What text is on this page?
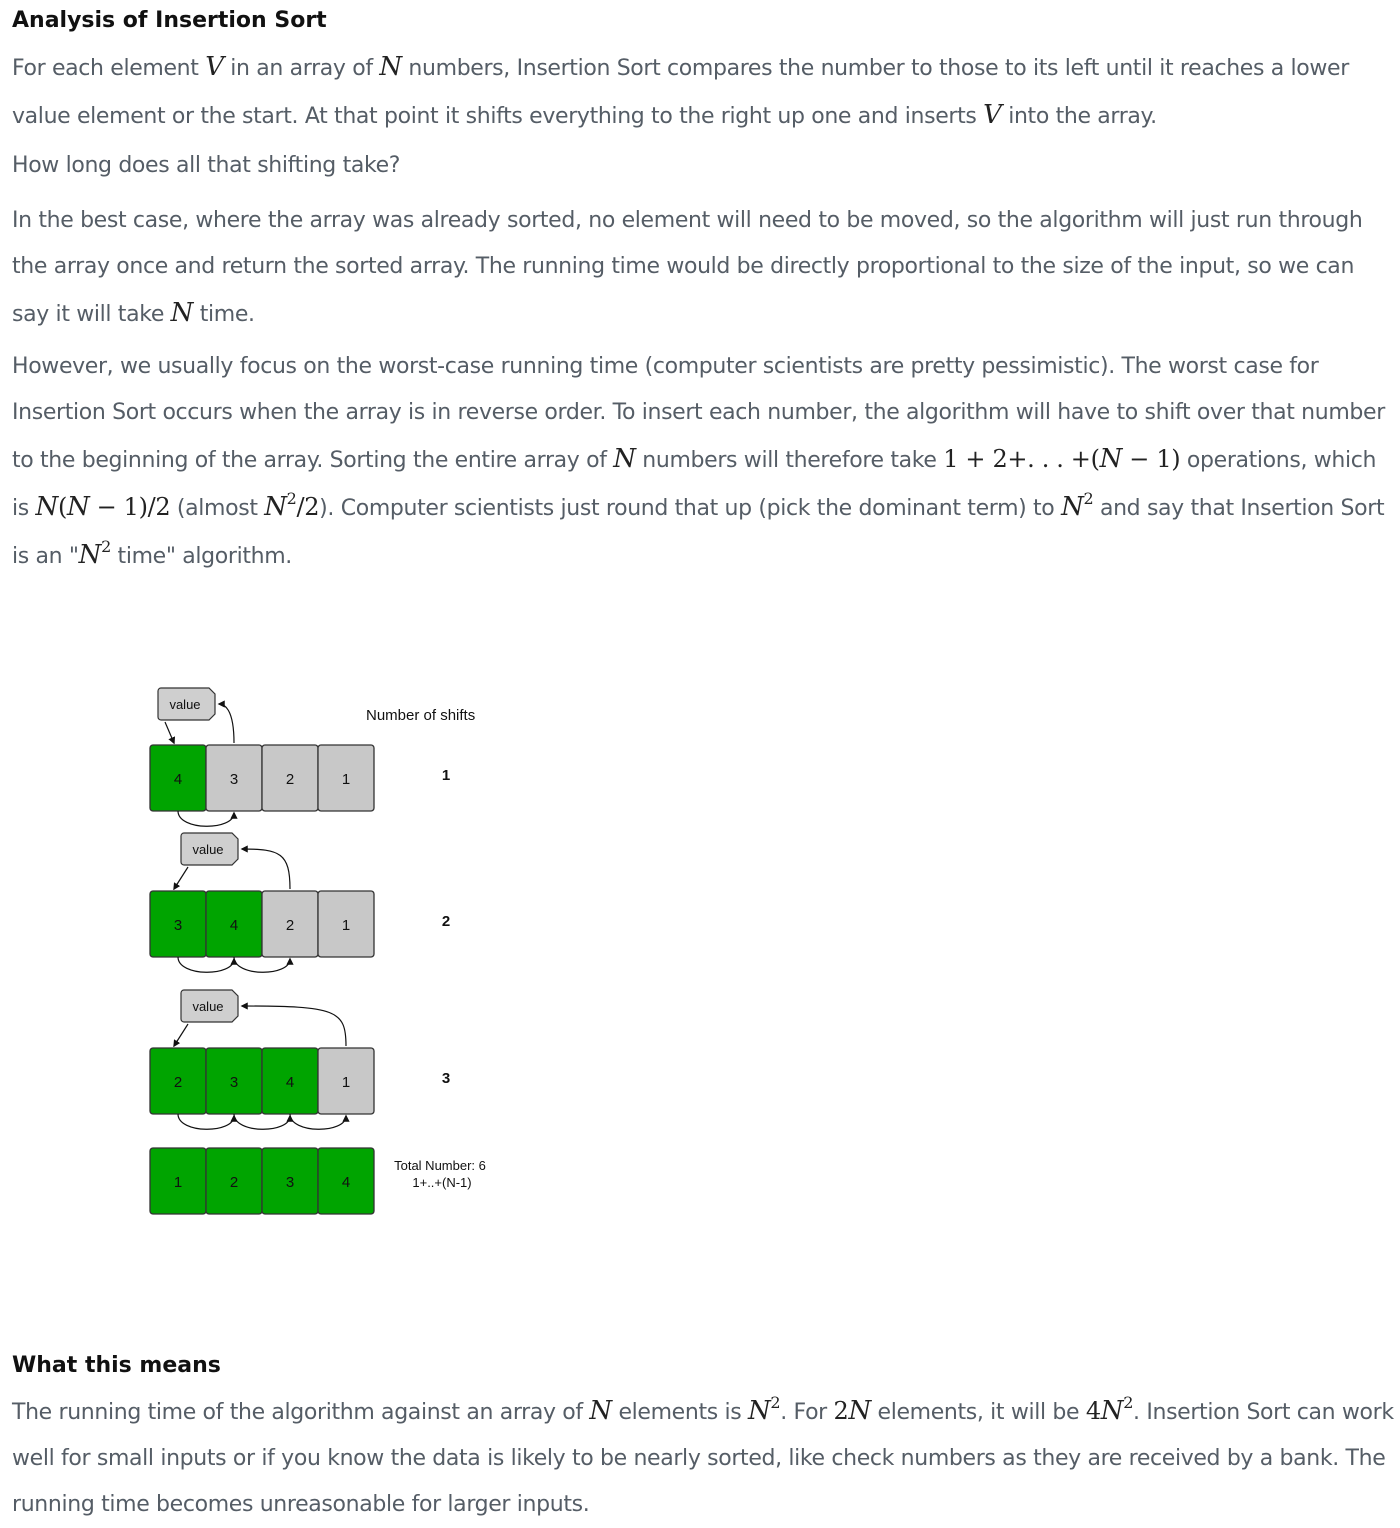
Analysis of Insertion Sort

For each element V in an array of N numbers, Insertion Sort compares the number to those to its left until it reaches a lower value element or the start. At that point it shifts everything to the right up one and inserts V into the array.

How long does all that shifting take?

In the best case, where the array was already sorted, no element will need to be moved, so the algorithm will just run through the array once and return the sorted array. The running time would be directly proportional to the size of the input, so we can say it will take N time.

However, we usually focus on the worst-case running time (computer scientists are pretty pessimistic). The worst case for Insertion Sort occurs when the array is in reverse order. To insert each number, the algorithm will have to shift over that number to the beginning of the array. Sorting the entire array of N numbers will therefore take 1 + 2+. . . +(N − 1) operations, which is N(N − 1)/2 (almost $N^2/2$). Computer scientists just round that up (pick the dominant term) to $N^2$ and say that Insertion Sort is an "$N^2$ time" algorithm.

What this means

The running time of the algorithm against an array of N elements is $N^2$. For 2N elements, it will be $4N^2$. Insertion Sort can work well for small inputs or if you know the data is likely to be nearly sorted, like check numbers as they are received by a bank. The running time becomes unreasonable for larger inputs.

Number of shifts
4	3	2	1	1
value
3	4	2	1	2
value
2	3	4	1	3
value
1	2	3	4
Total Number: 6
1+..+(N-1)
